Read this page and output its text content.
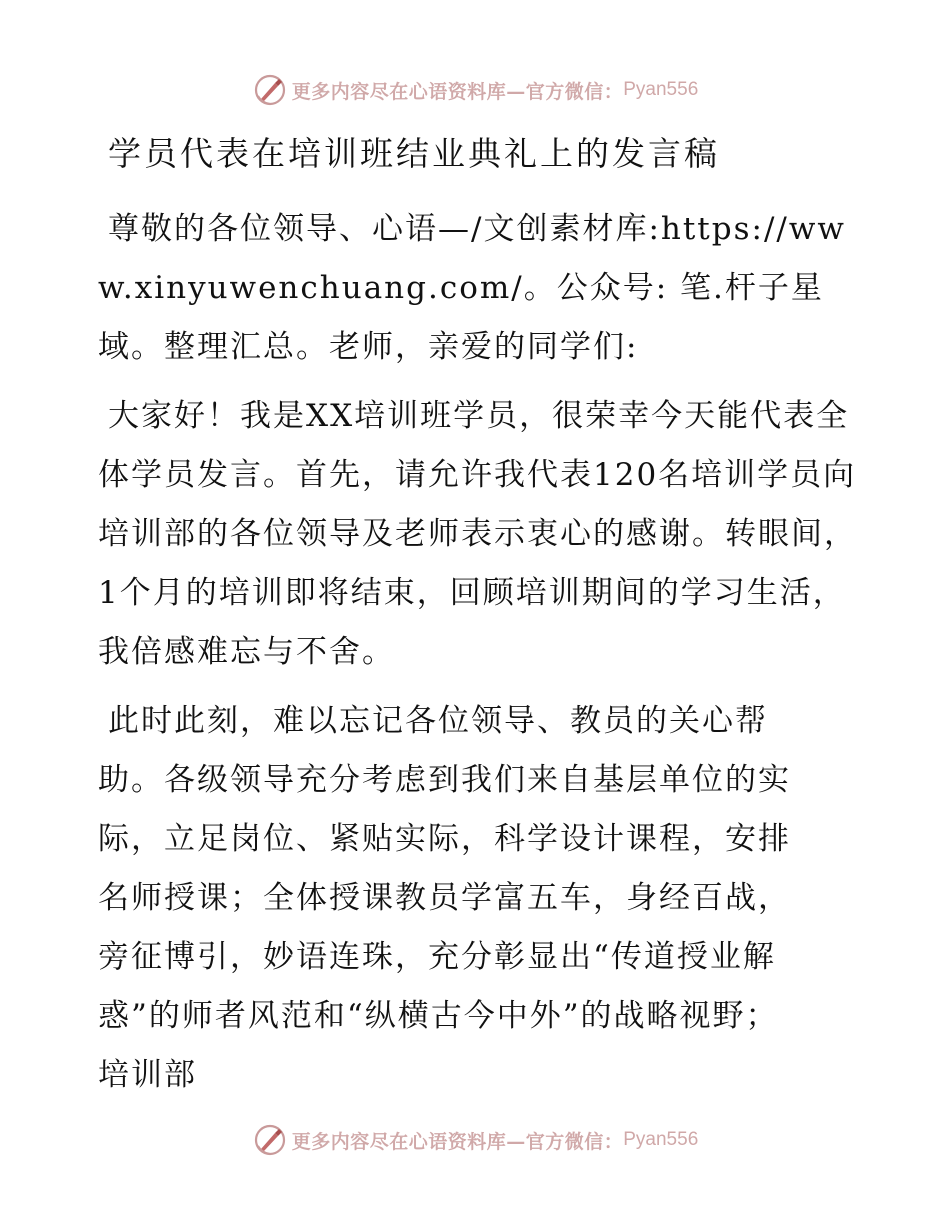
更多内容尽在心语资料库—官方微信： Pyan556
学员代表在培训班结业典礼上的发言稿

尊敬的各位领导、心语—/文创素材库:https://www.xinyuwenchuang.com/。公众号: 笔.杆子星域。整理汇总。老师，亲爱的同学们:

大家好！我是XX培训班学员，很荣幸今天能代表全体学员发言。首先，请允许我代表120名培训学员向培训部的各位领导及老师表示衷心的感谢。转眼间，1个月的培训即将结束，回顾培训期间的学习生活，我倍感难忘与不舍。

此时此刻，难以忘记各位领导、教员的关心帮助。各级领导充分考虑到我们来自基层单位的实际，立足岗位、紧贴实际，科学设计课程，安排名师授课；全体授课教员学富五车，身经百战，旁征博引，妙语连珠，充分彰显出“传道授业解惑”的师者风范和“纵横古今中外”的战略视野；培训部

更多内容尽在心语资料库—官方微信： Pyan556
